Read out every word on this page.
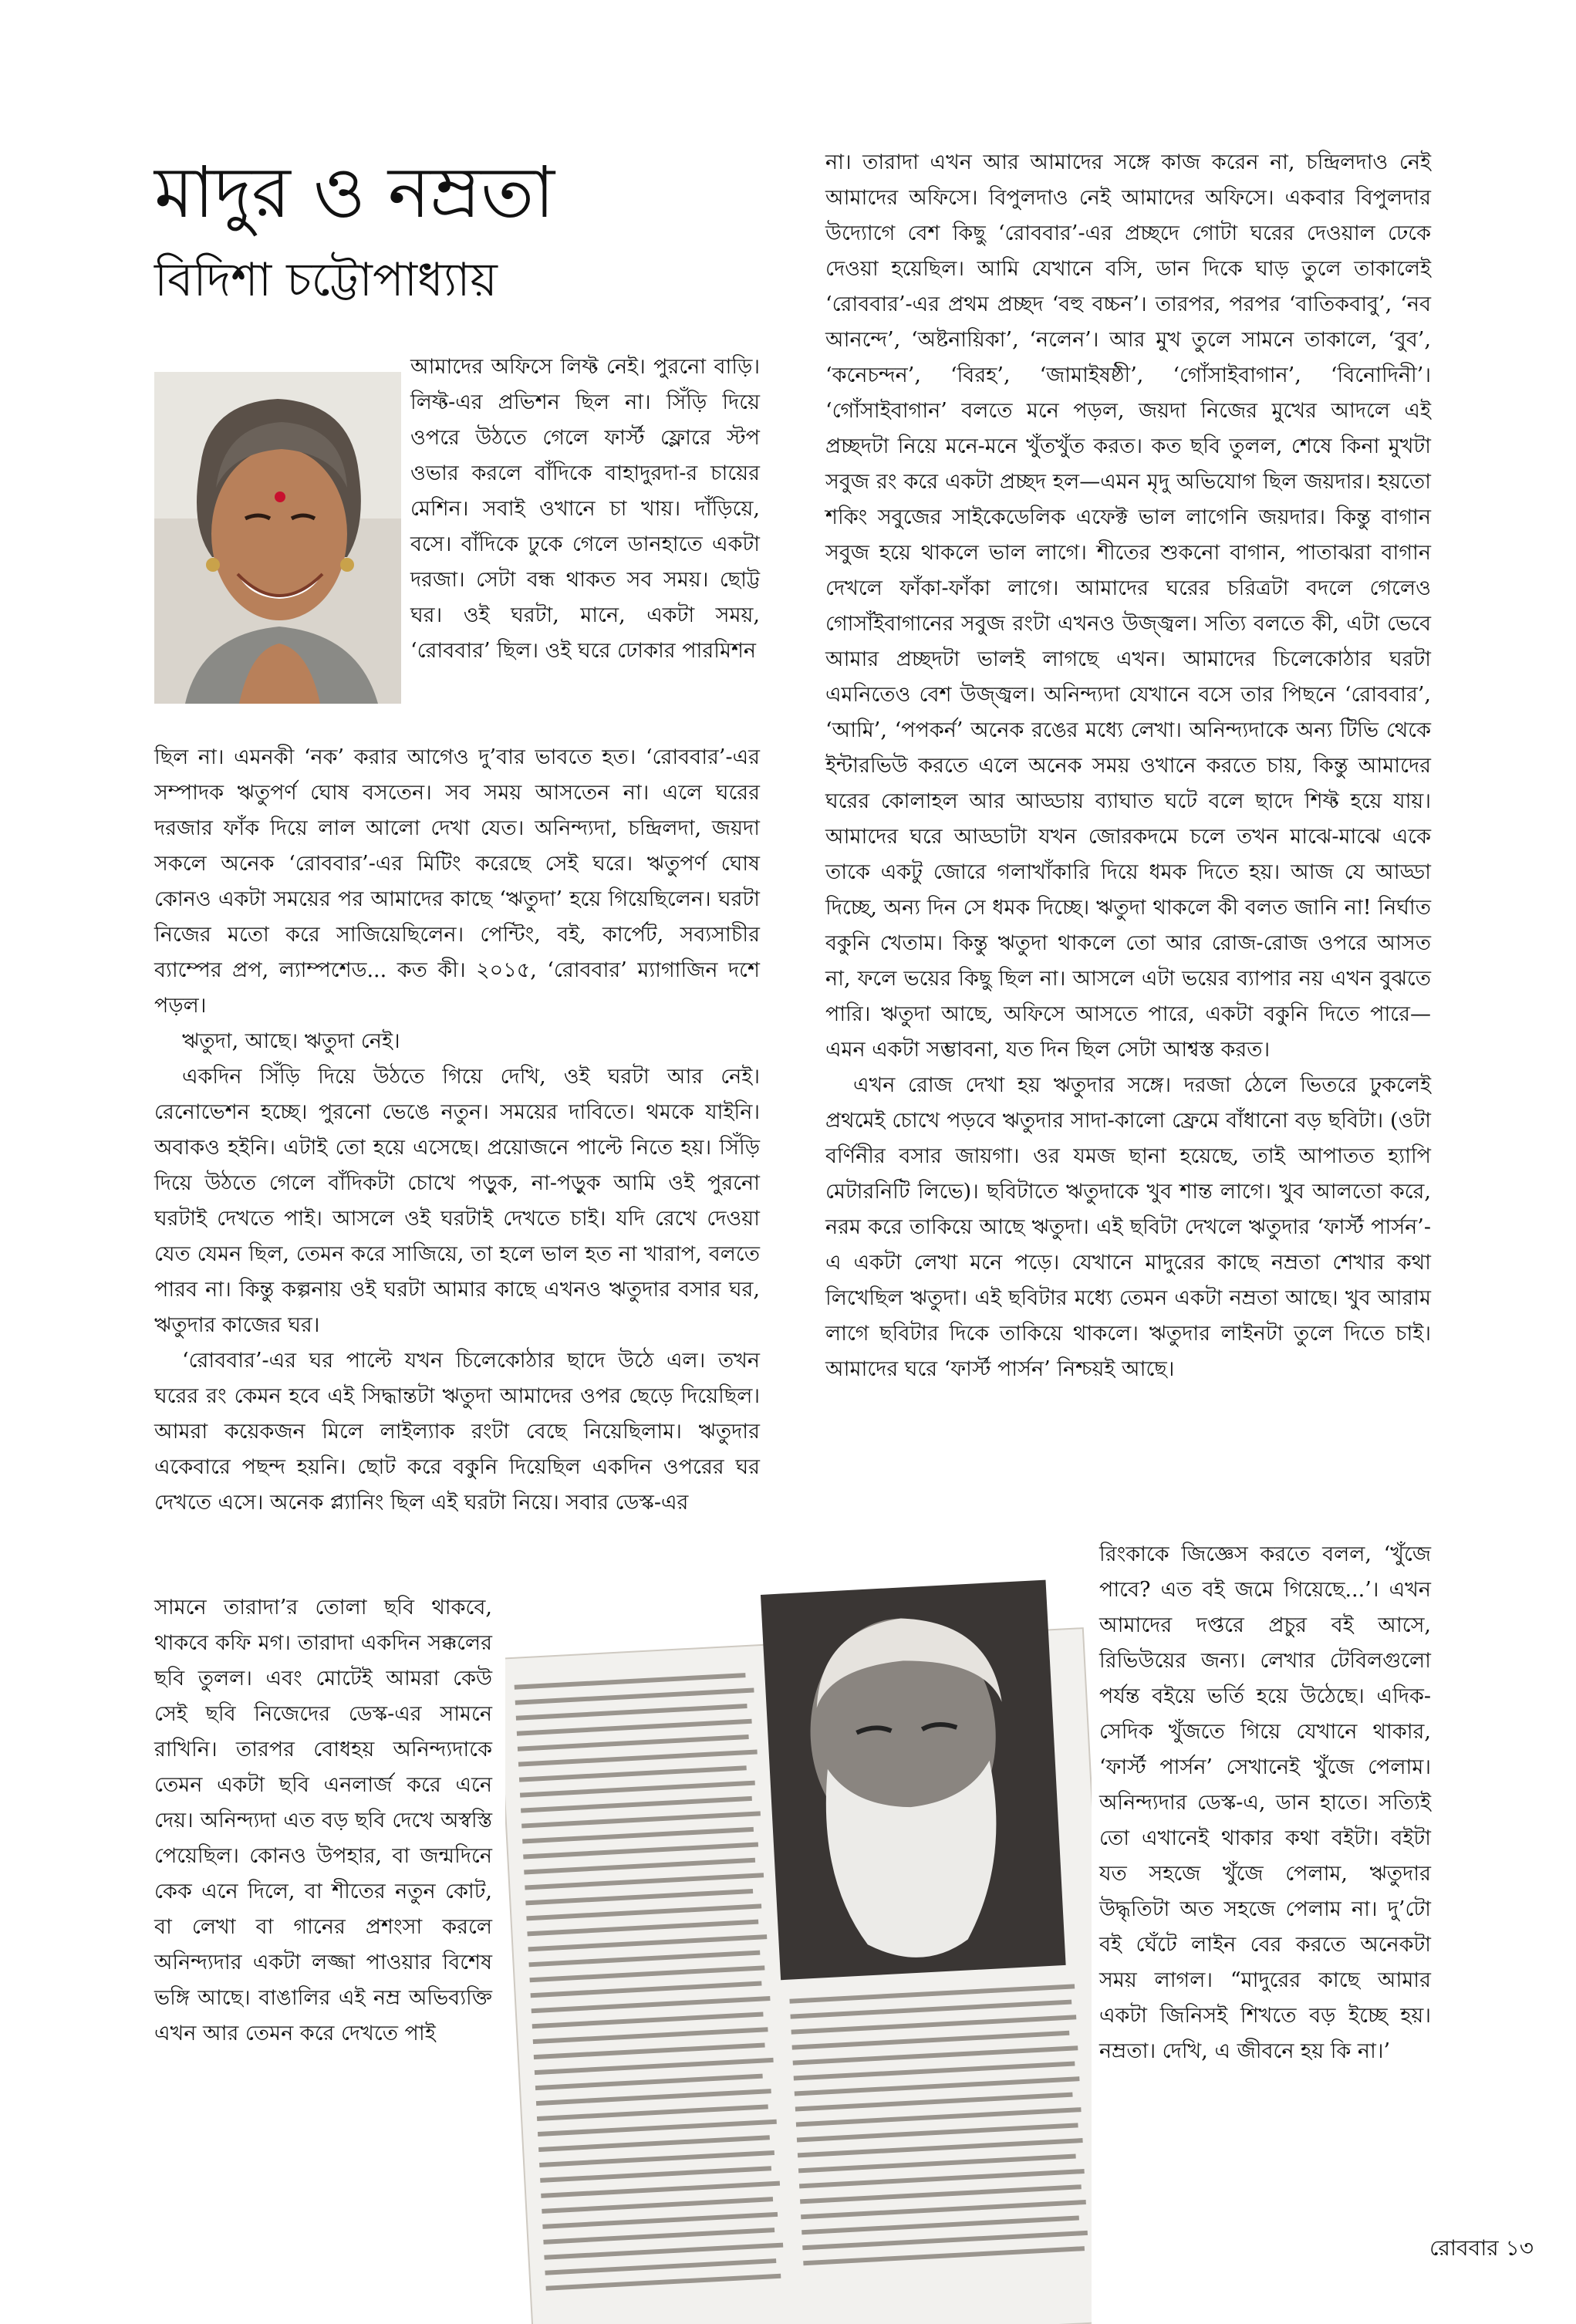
মাদুর ও নম্রতা
বিদিশা চট্টোপাধ্যায়

আমাদের অফিসে লিফ্ট নেই। পুরনো বাড়ি। লিফ্ট-এর প্রভিশন ছিল না। সিঁড়ি দিয়ে ওপরে উঠতে গেলে ফার্স্ট ফ্লোরে স্টপ ওভার করলে বাঁদিকে বাহাদুরদা-র চায়ের মেশিন। সবাই ওখানে চা খায়। দাঁড়িয়ে, বসে। বাঁদিকে ঢুকে গেলে ডানহাতে একটা দরজা। সেটা বন্ধ থাকত সব সময়। ছোট্ট ঘর। ওই ঘরটা, মানে, একটা সময়, ‘রোববার’ ছিল। ওই ঘরে ঢোকার পারমিশন

ছিল না। এমনকী ‘নক’ করার আগেও দু’বার ভাবতে হত। ‘রোববার’-এর সম্পাদক ঋতুপর্ণ ঘোষ বসতেন। সব সময় আসতেন না। এলে ঘরের দরজার ফাঁক দিয়ে লাল আলো দেখা যেত। অনিন্দ্যদা, চন্দ্রিলদা, জয়দা সকলে অনেক ‘রোববার’-এর মিটিং করেছে সেই ঘরে। ঋতুপর্ণ ঘোষ কোনও একটা সময়ের পর আমাদের কাছে ‘ঋতুদা’ হয়ে গিয়েছিলেন। ঘরটা নিজের মতো করে সাজিয়েছিলেন। পেন্টিং, বই, কার্পেট, সব্যসাচীর ব্যাম্পের প্রপ, ল্যাম্পশেড... কত কী। ২০১৫, ‘রোববার’ ম্যাগাজিন দশে পড়ল।

ঋতুদা, আছে। ঋতুদা নেই।

একদিন সিঁড়ি দিয়ে উঠতে গিয়ে দেখি, ওই ঘরটা আর নেই। রেনোভেশন হচ্ছে। পুরনো ভেঙে নতুন। সময়ের দাবিতে। থমকে যাইনি। অবাকও হইনি। এটাই তো হয়ে এসেছে। প্রয়োজনে পাল্টে নিতে হয়। সিঁড়ি দিয়ে উঠতে গেলে বাঁদিকটা চোখে পড়ুক, না-পড়ুক আমি ওই পুরনো ঘরটাই দেখতে পাই। আসলে ওই ঘরটাই দেখতে চাই। যদি রেখে দেওয়া যেত যেমন ছিল, তেমন করে সাজিয়ে, তা হলে ভাল হত না খারাপ, বলতে পারব না। কিন্তু কল্পনায় ওই ঘরটা আমার কাছে এখনও ঋতুদার বসার ঘর, ঋতুদার কাজের ঘর।

‘রোববার’-এর ঘর পাল্টে যখন চিলেকোঠার ছাদে উঠে এল। তখন ঘরের রং কেমন হবে এই সিদ্ধান্তটা ঋতুদা আমাদের ওপর ছেড়ে দিয়েছিল। আমরা কয়েকজন মিলে লাইল্যাক রংটা বেছে নিয়েছিলাম। ঋতুদার একেবারে পছন্দ হয়নি। ছোট করে বকুনি দিয়েছিল একদিন ওপরের ঘর দেখতে এসে। অনেক প্ল্যানিং ছিল এই ঘরটা নিয়ে। সবার ডেস্ক-এর

সামনে তারাদা’র তোলা ছবি থাকবে, থাকবে কফি মগ। তারাদা একদিন সক্কলের ছবি তুলল। এবং মোটেই আমরা কেউ সেই ছবি নিজেদের ডেস্ক-এর সামনে রাখিনি। তারপর বোধহয় অনিন্দ্যদাকে তেমন একটা ছবি এনলার্জ করে এনে দেয়। অনিন্দ্যদা এত বড় ছবি দেখে অস্বস্তি পেয়েছিল। কোনও উপহার, বা জন্মদিনে কেক এনে দিলে, বা শীতের নতুন কোট, বা লেখা বা গানের প্রশংসা করলে অনিন্দ্যদার একটা লজ্জা পাওয়ার বিশেষ ভঙ্গি আছে। বাঙালির এই নম্র অভিব্যক্তি এখন আর তেমন করে দেখতে পাই

না। তারাদা এখন আর আমাদের সঙ্গে কাজ করেন না, চন্দ্রিলদাও নেই আমাদের অফিসে। বিপুলদাও নেই আমাদের অফিসে। একবার বিপুলদার উদ্যোগে বেশ কিছু ‘রোববার’-এর প্রচ্ছদে গোটা ঘরের দেওয়াল ঢেকে দেওয়া হয়েছিল। আমি যেখানে বসি, ডান দিকে ঘাড় তুলে তাকালেই ‘রোববার’-এর প্রথম প্রচ্ছদ ‘বহু বচ্চন’। তারপর, পরপর ‘বাতিকবাবু’, ‘নব আনন্দে’, ‘অষ্টনায়িকা’, ‘নলেন’। আর মুখ তুলে সামনে তাকালে, ‘বুব’, ‘কনেচন্দন’, ‘বিরহ’, ‘জামাইষষ্ঠী’, ‘গোঁসাইবাগান’, ‘বিনোদিনী’। ‘গোঁসাইবাগান’ বলতে মনে পড়ল, জয়দা নিজের মুখের আদলে এই প্রচ্ছদটা নিয়ে মনে-মনে খুঁতখুঁত করত। কত ছবি তুলল, শেষে কিনা মুখটা সবুজ রং করে একটা প্রচ্ছদ হল—এমন মৃদু অভিযোগ ছিল জয়দার। হয়তো শকিং সবুজের সাইকেডেলিক এফেক্ট ভাল লাগেনি জয়দার। কিন্তু বাগান সবুজ হয়ে থাকলে ভাল লাগে। শীতের শুকনো বাগান, পাতাঝরা বাগান দেখলে ফাঁকা-ফাঁকা লাগে। আমাদের ঘরের চরিত্রটা বদলে গেলেও গোসাঁইবাগানের সবুজ রংটা এখনও উজ্জ্বল। সত্যি বলতে কী, এটা ভেবে আমার প্রচ্ছদটা ভালই লাগছে এখন। আমাদের চিলেকোঠার ঘরটা এমনিতেও বেশ উজ্জ্বল। অনিন্দ্যদা যেখানে বসে তার পিছনে ‘রোববার’, ‘আমি’, ‘পপকর্ন’ অনেক রঙের মধ্যে লেখা। অনিন্দ্যদাকে অন্য টিভি থেকে ইন্টারভিউ করতে এলে অনেক সময় ওখানে করতে চায়, কিন্তু আমাদের ঘরের কোলাহল আর আড্ডায় ব্যাঘাত ঘটে বলে ছাদে শিফ্ট হয়ে যায়। আমাদের ঘরে আড্ডাটা যখন জোরকদমে চলে তখন মাঝে-মাঝে একে তাকে একটু জোরে গলাখাঁকারি দিয়ে ধমক দিতে হয়। আজ যে আড্ডা দিচ্ছে, অন্য দিন সে ধমক দিচ্ছে। ঋতুদা থাকলে কী বলত জানি না! নির্ঘাত বকুনি খেতাম। কিন্তু ঋতুদা থাকলে তো আর রোজ-রোজ ওপরে আসত না, ফলে ভয়ের কিছু ছিল না। আসলে এটা ভয়ের ব্যাপার নয় এখন বুঝতে পারি। ঋতুদা আছে, অফিসে আসতে পারে, একটা বকুনি দিতে পারে—এমন একটা সম্ভাবনা, যত দিন ছিল সেটা আশ্বস্ত করত।

এখন রোজ দেখা হয় ঋতুদার সঙ্গে। দরজা ঠেলে ভিতরে ঢুকলেই প্রথমেই চোখে পড়বে ঋতুদার সাদা-কালো ফ্রেমে বাঁধানো বড় ছবিটা। (ওটা বর্ণিনীর বসার জায়গা। ওর যমজ ছানা হয়েছে, তাই আপাতত হ্যাপি মেটারনিটি লিভে)। ছবিটাতে ঋতুদাকে খুব শান্ত লাগে। খুব আলতো করে, নরম করে তাকিয়ে আছে ঋতুদা। এই ছবিটা দেখলে ঋতুদার ‘ফার্স্ট পার্সন’-এ একটা লেখা মনে পড়ে। যেখানে মাদুরের কাছে নম্রতা শেখার কথা লিখেছিল ঋতুদা। এই ছবিটার মধ্যে তেমন একটা নম্রতা আছে। খুব আরাম লাগে ছবিটার দিকে তাকিয়ে থাকলে। ঋতুদার লাইনটা তুলে দিতে চাই। আমাদের ঘরে ‘ফার্স্ট পার্সন’ নিশ্চয়ই আছে।

রিংকাকে জিজ্ঞেস করতে বলল, ‘খুঁজে পাবে? এত বই জমে গিয়েছে...’। এখন আমাদের দপ্তরে প্রচুর বই আসে, রিভিউয়ের জন্য। লেখার টেবিলগুলো পর্যন্ত বইয়ে ভর্তি হয়ে উঠেছে। এদিক-সেদিক খুঁজতে গিয়ে যেখানে থাকার, ‘ফার্স্ট পার্সন’ সেখানেই খুঁজে পেলাম। অনিন্দ্যদার ডেস্ক-এ, ডান হাতে। সত্যিই তো এখানেই থাকার কথা বইটা। বইটা যত সহজে খুঁজে পেলাম, ঋতুদার উদ্ধৃতিটা অত সহজে পেলাম না। দু’টো বই ঘেঁটে লাইন বের করতে অনেকটা সময় লাগল। “মাদুরের কাছে আমার একটা জিনিসই শিখতে বড় ইচ্ছে হয়। নম্রতা। দেখি, এ জীবনে হয় কি না।’

রোববার ১৩
